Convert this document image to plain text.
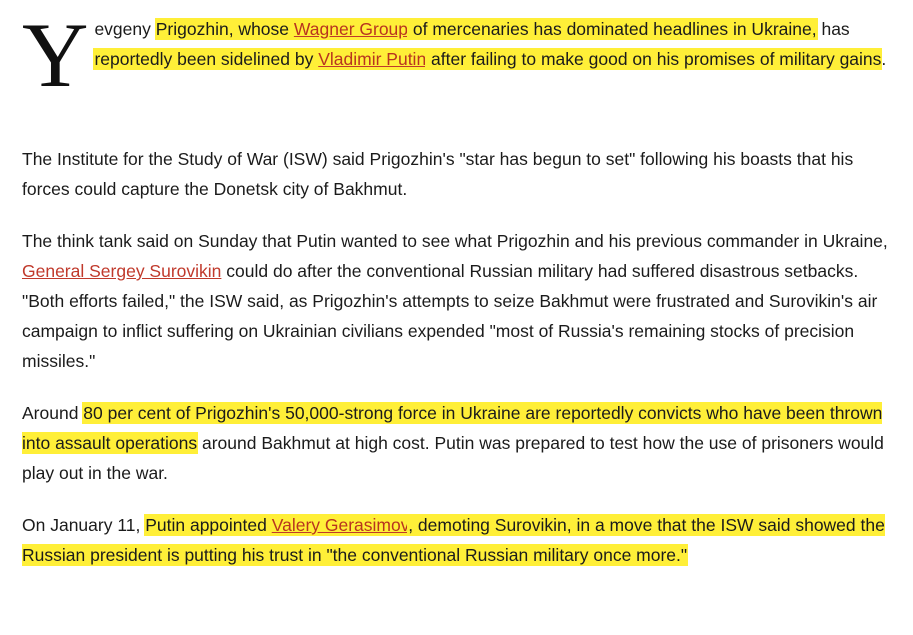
Y evgeny Prigozhin, whose Wagner Group of mercenaries has dominated headlines in Ukraine, has reportedly been sidelined by Vladimir Putin after failing to make good on his promises of military gains.

The Institute for the Study of War (ISW) said Prigozhin's "star has begun to set" following his boasts that his forces could capture the Donetsk city of Bakhmut.

The think tank said on Sunday that Putin wanted to see what Prigozhin and his previous commander in Ukraine, General Sergey Surovikin could do after the conventional Russian military had suffered disastrous setbacks.

"Both efforts failed," the ISW said, as Prigozhin's attempts to seize Bakhmut were frustrated and Surovikin's air campaign to inflict suffering on Ukrainian civilians expended "most of Russia's remaining stocks of precision missiles."

Around 80 per cent of Prigozhin's 50,000-strong force in Ukraine are reportedly convicts who have been thrown into assault operations around Bakhmut at high cost. Putin was prepared to test how the use of prisoners would play out in the war.

On January 11, Putin appointed Valery Gerasimov, demoting Surovikin, in a move that the ISW said showed the Russian president is putting his trust in "the conventional Russian military once more."
